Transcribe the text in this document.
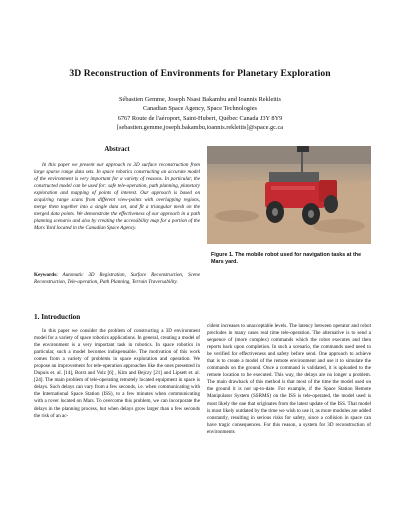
3D Reconstruction of Environments for Planetary Exploration
Sébastien Gemme, Joseph Nsasi Bakambu and Ioannis Rekleitis
Canadian Space Agency, Space Technologies
6767 Route de l'aéroport, Saint-Hubert, Québec Canada J3Y 8Y9
[sebastien.gemme,joseph.bakambu,ioannis.rekleitis]@space.gc.ca
Abstract

In this paper we present our approach to 3D surface reconstruction from large sparse range data sets. In space robotics constructing an accurate model of the environment is very important for a variety of reasons. In particular, the constructed model can be used for: safe tele-operation, path planning, planetary exploration and mapping of points of interest. Our approach is based on acquiring range scans from different view-points with overlapping regions, merge them together into a single data set, and fit a triangular mesh on the merged data points. We demonstrate the effectiveness of our approach in a path planning scenario and also by creating the accessibility map for a portion of the Mars Yard located in the Canadian Space Agency.

Keywords: Automatic 3D Registration, Surface Reconstruction, Scene Reconstruction, Tele-operation, Path Planning, Terrain Traversability.

1. Introduction

In this paper we consider the problem of constructing a 3D environment model for a variety of space robotics applications. In general, creating a model of the environment is a very important task in robotics. In space robotics in particular, such a model becomes indispensable. The motivation of this work comes from a variety of problems in space exploration and operation. We propose an improvement for tele-operation approaches like the ones presented in Dupuis et. al. [14], Borst and Volz [6] , Kim and Bejczy [21] and Lipsett et. al. [24]. The main problem of tele-operating remotely located equipment in space is delays. Such delays can vary from a few seconds, i.e. when communicating with the International Space Station (ISS), to a few minutes when communicating with a rover located on Mars. To overcome this problem, we can incorporate the delays in the planning process, but when delays grow larger than a few seconds the risk of an ac-

Figure 1. The mobile robot used for navigation tasks at the Mars yard.

cident increases to unacceptable levels. The latency between operator and robot precludes in many cases real time tele-operation. The alternative is to send a sequence of (more complex) commands which the robot executes and then reports back upon completion. In such a scenario, the commands used need to be verified for effectiveness and safety before send. One approach to achieve that is to create a model of the remote environment and use it to simulate the commands on the ground. Once a command is validated, it is uploaded to the remote location to be executed. This way, the delays are no longer a problem. The main drawback of this method is that most of the time the model used on the ground it is not up-to-date. For example, if the Space Station Remote Manipulator System (SSRMS) on the ISS is tele-operated, the model used is most likely the one that originates from the latest update of the ISS. That model is most likely outdated by the time we wish to use it, as more modules are added constantly, resulting in serious risks for safety, since a collision in space can have tragic consequences. For this reason, a system for 3D reconstruction of environments
